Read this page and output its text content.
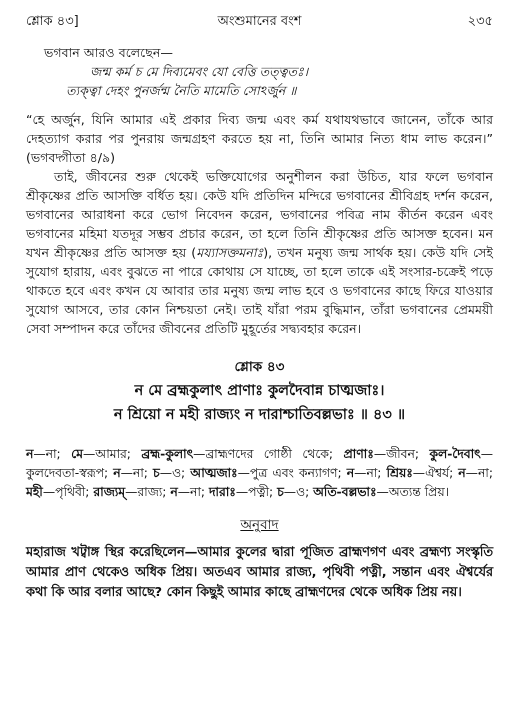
শ্লোক ৪৩]	অংশুমানের বংশ	২৩৫
ভগবান আরও বলেছেন—
জন্ম কর্ম চ মে দিব্যমেবং যো বেত্তি তত্ত্বতঃ।
ত্যক্ত্বা দেহং পুনর্জন্ম নৈতি মামেতি সোঽর্জুন ॥
“হে অর্জুন, যিনি আমার এই প্রকার দিব্য জন্ম এবং কর্ম যথাযথভাবে জানেন, তাঁকে আর দেহত্যাগ করার পর পুনরায় জন্মগ্রহণ করতে হয় না, তিনি আমার নিত্য ধাম লাভ করেন।” (ভগবদ্গীতা ৪/৯)
তাই, জীবনের শুরু থেকেই ভক্তিযোগের অনুশীলন করা উচিত, যার ফলে ভগবান শ্রীকৃষ্ণের প্রতি আসক্তি বর্ধিত হয়। কেউ যদি প্রতিদিন মন্দিরে ভগবানের শ্রীবিগ্রহ দর্শন করেন, ভগবানের আরাধনা করে ভোগ নিবেদন করেন, ভগবানের পবিত্র নাম কীর্তন করেন এবং ভগবানের মহিমা যতদূর সম্ভব প্রচার করেন, তা হলে তিনি শ্রীকৃষ্ণের প্রতি আসক্ত হবেন। মন যখন শ্রীকৃষ্ণের প্রতি আসক্ত হয় (ময্যাসক্তমনাঃ), তখন মনুষ্য জন্ম সার্থক হয়। কেউ যদি সেই সুযোগ হারায়, এবং বুঝতে না পারে কোথায় সে যাচ্ছে, তা হলে তাকে এই সংসার-চক্রেই পড়ে থাকতে হবে এবং কখন যে আবার তার মনুষ্য জন্ম লাভ হবে ও ভগবানের কাছে ফিরে যাওয়ার সুযোগ আসবে, তার কোন নিশ্চয়তা নেই। তাই যাঁরা পরম বুদ্ধিমান, তাঁরা ভগবানের প্রেমময়ী সেবা সম্পাদন করে তাঁদের জীবনের প্রতিটি মুহূর্তের সদ্ব্যবহার করেন।
শ্লোক ৪৩
ন মে ব্রহ্মকুলাৎ প্রাণাঃ কুলদৈবান্ন চাত্মজাঃ।
ন শ্রিয়ো ন মহী রাজ্যং ন দারাশ্চাতিবল্লভাঃ ॥ ৪৩ ॥
ন—না; মে—আমার; ব্রহ্ম-কুলাৎ—ব্রাহ্মণদের গোষ্ঠী থেকে; প্রাণাঃ—জীবন; কুল-দৈবাৎ—কুলদেবতা-স্বরূপ; ন—না; চ—ও; আত্মজাঃ—পুত্র এবং কন্যাগণ; ন—না; শ্রিয়ঃ—ঐশ্বর্য; ন—না; মহী—পৃথিবী; রাজ্যম্—রাজ্য; ন—না; দারাঃ—পত্নী; চ—ও; অতি-বল্লভাঃ—অত্যন্ত প্রিয়।
অনুবাদ
মহারাজ খট্বাঙ্গ স্থির করেছিলেন—আমার কুলের দ্বারা পূজিত ব্রাহ্মণগণ এবং ব্রহ্মণ্য সংস্কৃতি আমার প্রাণ থেকেও অধিক প্রিয়। অতএব আমার রাজ্য, পৃথিবী পত্নী, সন্তান এবং ঐশ্বর্যের কথা কি আর বলার আছে? কোন কিছুই আমার কাছে ব্রাহ্মণদের থেকে অধিক প্রিয় নয়।
